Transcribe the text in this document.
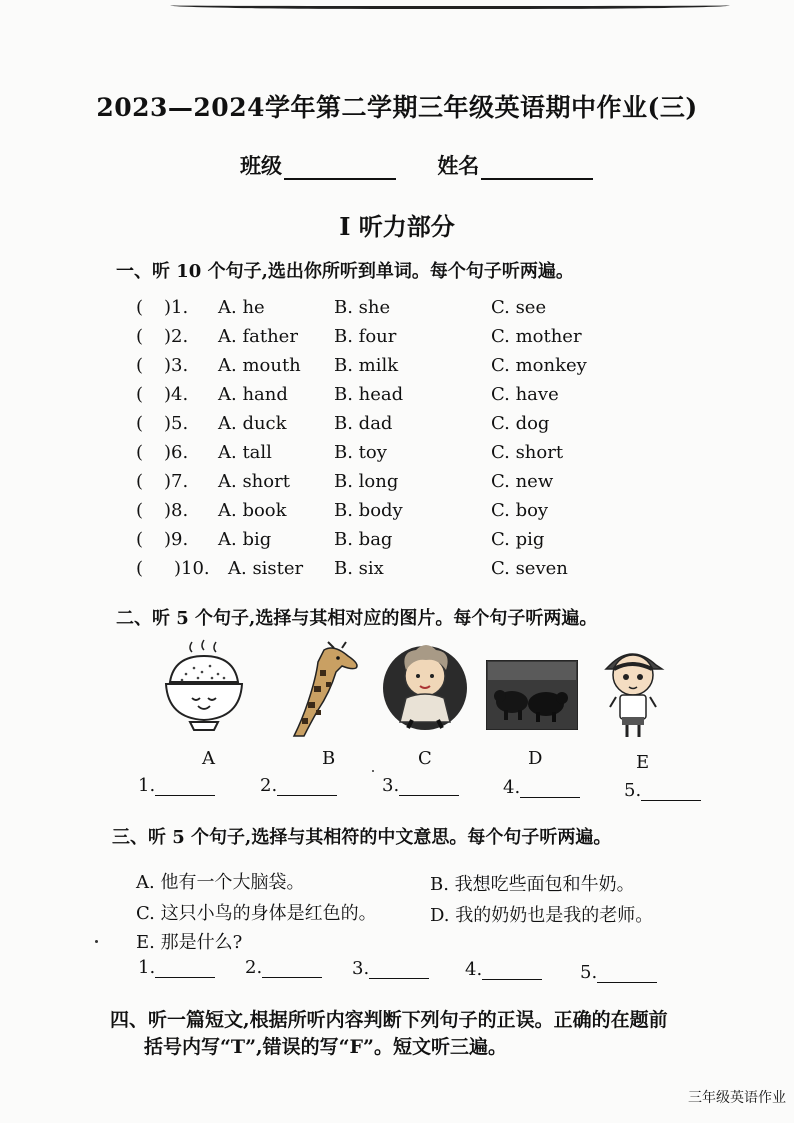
2023—2024学年第二学期三年级英语期中作业(三)
班级	姓名
I 听力部分
一、听 10 个句子,选出你所听到单词。每个句子听两遍。
( )1. A. he	B. she	C. see
( )2. A. father B. four	C. mother
( )3. A. mouth B. milk	C. monkey
( )4. A. hand	B. head	C. have
( )5. A. duck	B. dad	C. dog
( )6. A. tall	B. toy	C. short
( )7. A. short B. long	C. new
( )8. A. book	B. body	C. boy
( )9. A. big	B. bag	C. pig
( )10. A. sister B. six	C. seven
二、听 5 个句子,选择与其相对应的图片。每个句子听两遍。
A	B	C	D	E
1.	2.	3.	4.	5.
三、听 5 个句子,选择与其相符的中文意思。每个句子听两遍。
A. 他有一个大脑袋。	B. 我想吃些面包和牛奶。
C. 这只小鸟的身体是红色的。	D. 我的奶奶也是我的老师。
E. 那是什么?
1.	2.	3.	4.	5.
四、听一篇短文,根据所听内容判断下列句子的正误。正确的在题前
括号内写“T”,错误的写“F”。短文听三遍。
三年级英语作业
